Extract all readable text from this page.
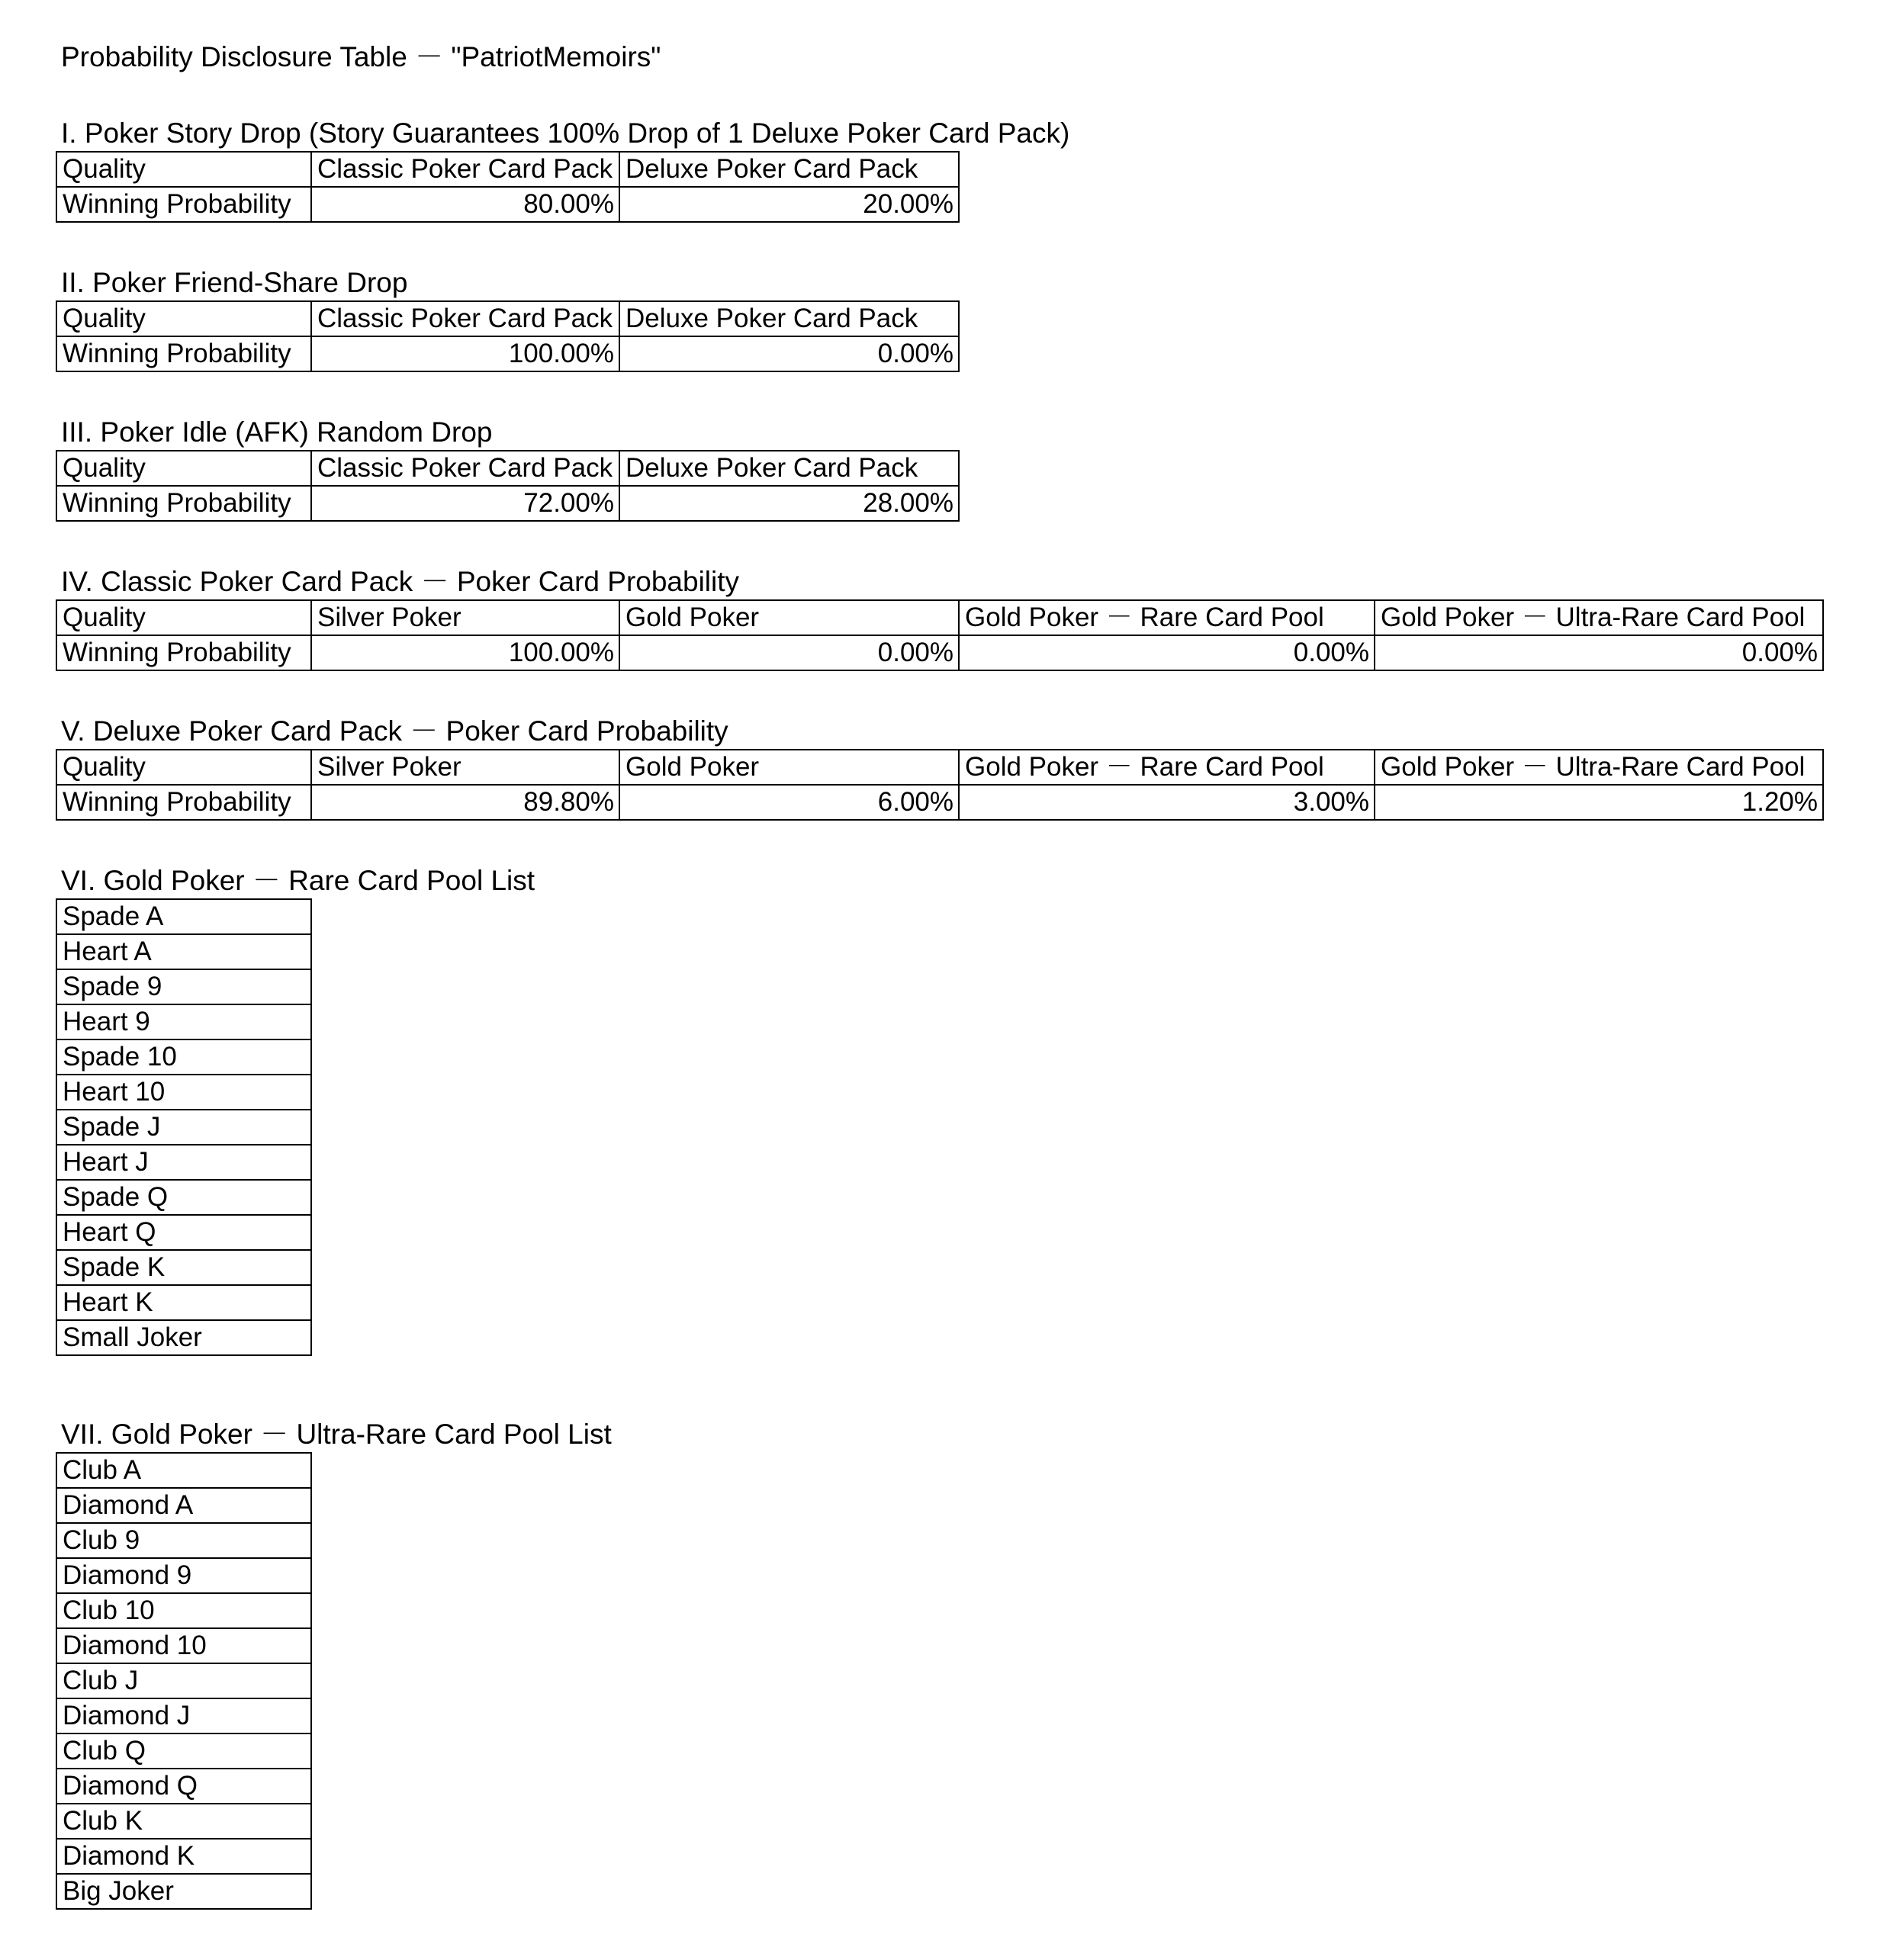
Probability Disclosure Table － "PatriotMemoirs"
I. Poker Story Drop (Story Guarantees 100% Drop of 1 Deluxe Poker Card Pack)
Quality	Classic Poker Card Pack	Deluxe Poker Card Pack
Winning Probability	80.00%	20.00%
II. Poker Friend-Share Drop
Quality	Classic Poker Card Pack	Deluxe Poker Card Pack
Winning Probability	100.00%	0.00%
III. Poker Idle (AFK) Random Drop
Quality	Classic Poker Card Pack	Deluxe Poker Card Pack
Winning Probability	72.00%	28.00%
IV. Classic Poker Card Pack － Poker Card Probability
Quality	Silver Poker	Gold Poker	Gold Poker － Rare Card Pool	Gold Poker － Ultra-Rare Card Pool
Winning Probability	100.00%	0.00%	0.00%	0.00%
V. Deluxe Poker Card Pack － Poker Card Probability
Quality	Silver Poker	Gold Poker	Gold Poker － Rare Card Pool	Gold Poker － Ultra-Rare Card Pool
Winning Probability	89.80%	6.00%	3.00%	1.20%
VI. Gold Poker － Rare Card Pool List
Spade A
Heart A
Spade 9
Heart 9
Spade 10
Heart 10
Spade J
Heart J
Spade Q
Heart Q
Spade K
Heart K
Small Joker
VII. Gold Poker － Ultra-Rare Card Pool List
Club A
Diamond A
Club 9
Diamond 9
Club 10
Diamond 10
Club J
Diamond J
Club Q
Diamond Q
Club K
Diamond K
Big Joker
